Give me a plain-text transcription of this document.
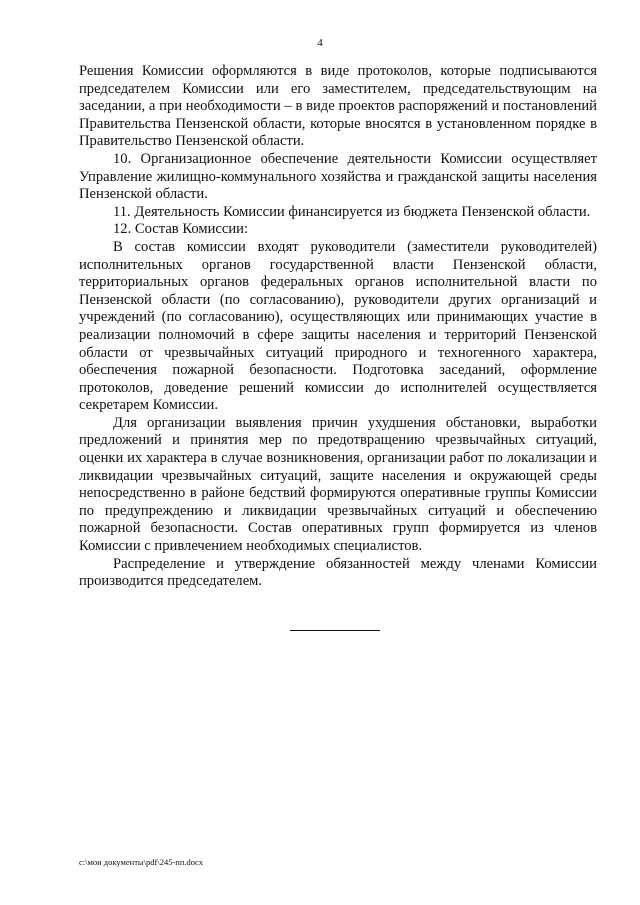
4

Решения Комиссии оформляются в виде протоколов, которые подписываются председателем Комиссии или его заместителем, председательствующим на заседании, а при необходимости – в виде проектов распоряжений и постановлений Правительства Пензенской области, которые вносятся в установленном порядке в Правительство Пензенской области.

10. Организационное обеспечение деятельности Комиссии осуществляет Управление жилищно-коммунального хозяйства и гражданской защиты населения Пензенской области.

11. Деятельность Комиссии финансируется из бюджета Пензенской области.

12. Состав Комиссии:

В состав комиссии входят руководители (заместители руководителей) исполнительных органов государственной власти Пензенской области, территориальных органов федеральных органов исполнительной власти по Пензенской области (по согласованию), руководители других организаций и учреждений (по согласованию), осуществляющих или принимающих участие в реализации полномочий в сфере защиты населения и территорий Пензенской области от чрезвычайных ситуаций природного и техногенного характера, обеспечения пожарной безопасности. Подготовка заседаний, оформление протоколов, доведение решений комиссии до исполнителей осуществляется секретарем Комиссии.

Для организации выявления причин ухудшения обстановки, выработки предложений и принятия мер по предотвращению чрезвычайных ситуаций, оценки их характера в случае возникновения, организации работ по локализации и ликвидации чрезвычайных ситуаций, защите населения и окружающей среды непосредственно в районе бедствий формируются оперативные группы Комиссии по предупреждению и ликвидации чрезвычайных ситуаций и обеспечению пожарной безопасности. Состав оперативных групп формируется из членов Комиссии с привлечением необходимых специалистов.

Распределение и утверждение обязанностей между членами Комиссии производится председателем.

c:\мои документы\pdf\245-пп.docx
